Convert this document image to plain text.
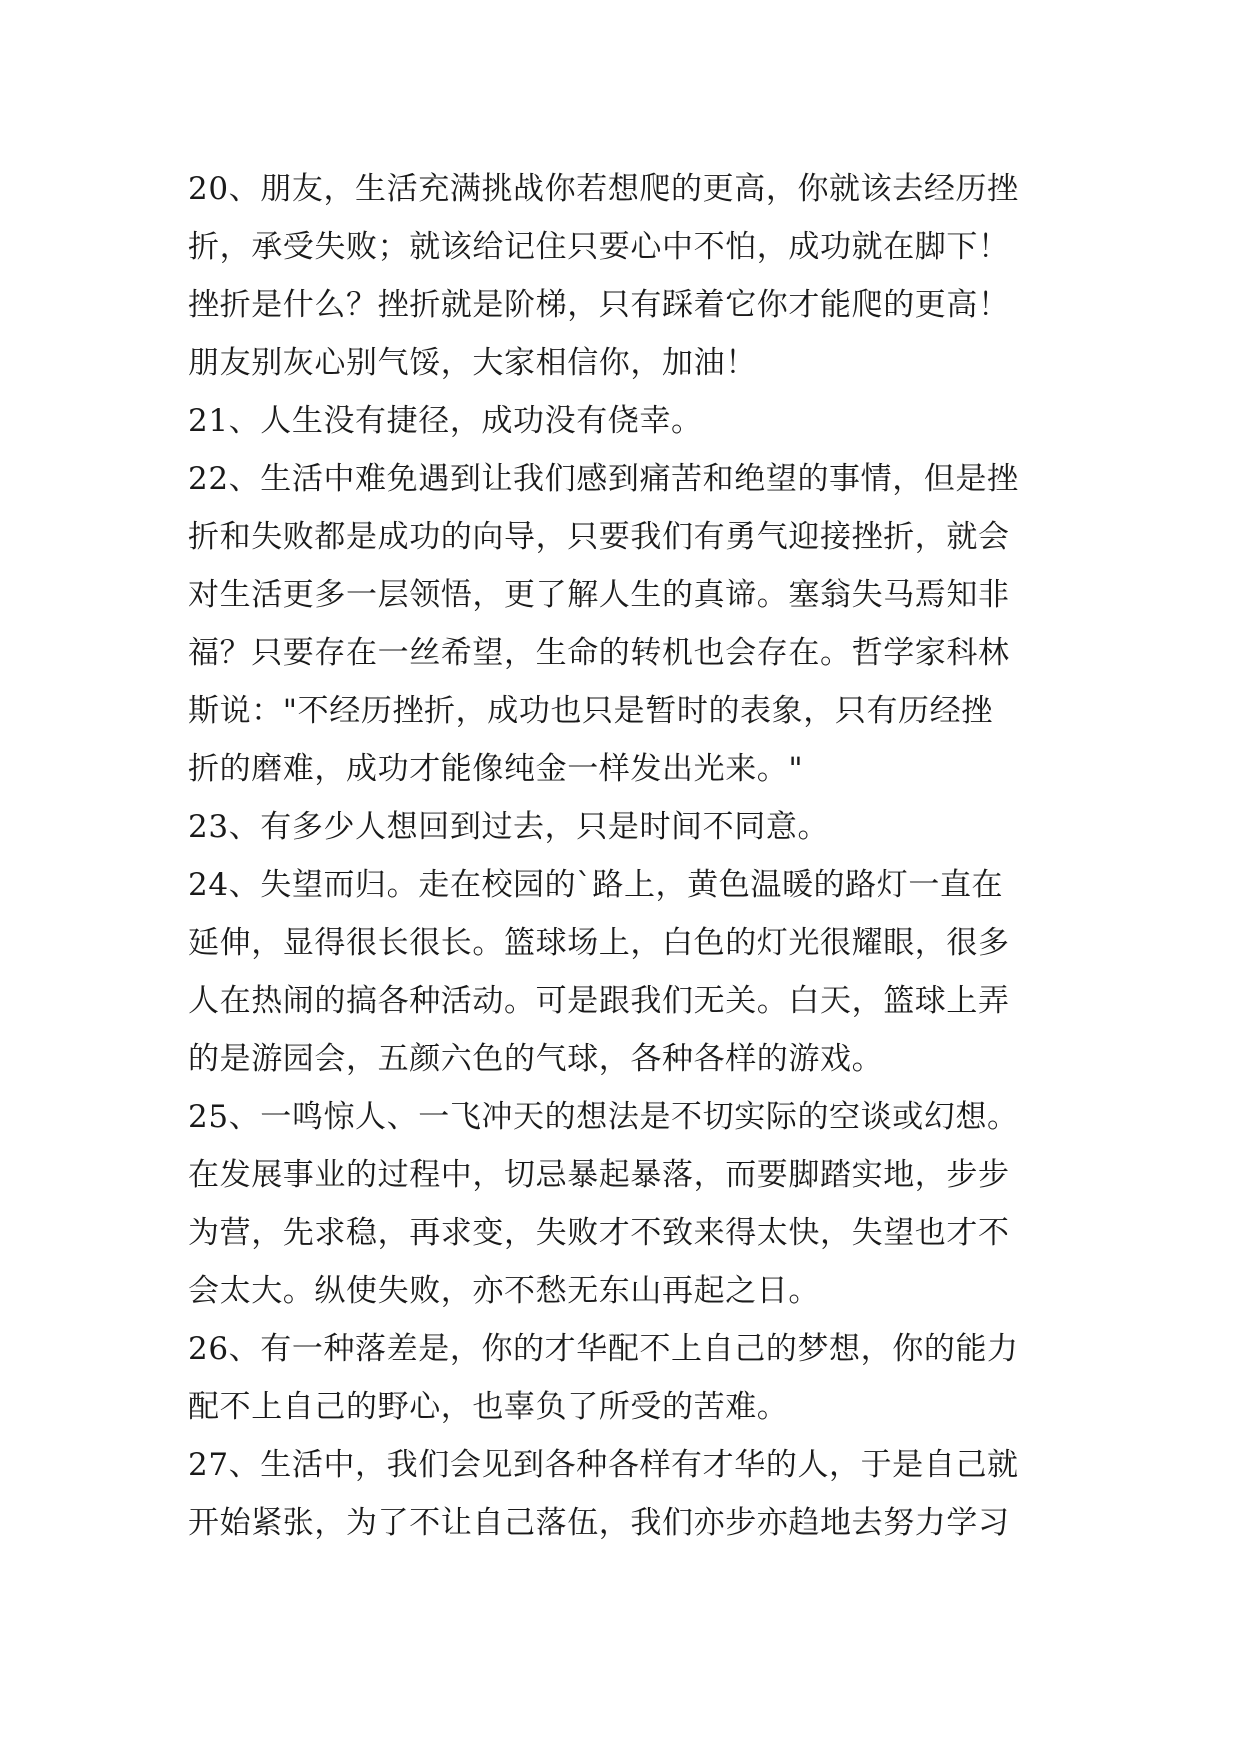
20、朋友，生活充满挑战你若想爬的更高，你就该去经历挫
折，承受失败；就该给记住只要心中不怕，成功就在脚下！
挫折是什么？挫折就是阶梯，只有踩着它你才能爬的更高！
朋友别灰心别气馁，大家相信你，加油！
21、人生没有捷径，成功没有侥幸。
22、生活中难免遇到让我们感到痛苦和绝望的事情，但是挫
折和失败都是成功的向导，只要我们有勇气迎接挫折，就会
对生活更多一层领悟，更了解人生的真谛。塞翁失马焉知非
福？只要存在一丝希望，生命的转机也会存在。哲学家科林
斯说："不经历挫折，成功也只是暂时的表象，只有历经挫
折的磨难，成功才能像纯金一样发出光来。"
23、有多少人想回到过去，只是时间不同意。
24、失望而归。走在校园的`路上，黄色温暖的路灯一直在
延伸，显得很长很长。篮球场上，白色的灯光很耀眼，很多
人在热闹的搞各种活动。可是跟我们无关。白天，篮球上弄
的是游园会，五颜六色的气球，各种各样的游戏。
25、一鸣惊人、一飞冲天的想法是不切实际的空谈或幻想。
在发展事业的过程中，切忌暴起暴落，而要脚踏实地，步步
为营，先求稳，再求变，失败才不致来得太快，失望也才不
会太大。纵使失败，亦不愁无东山再起之日。
26、有一种落差是，你的才华配不上自己的梦想，你的能力
配不上自己的野心，也辜负了所受的苦难。
27、生活中，我们会见到各种各样有才华的人，于是自己就
开始紧张，为了不让自己落伍，我们亦步亦趋地去努力学习
